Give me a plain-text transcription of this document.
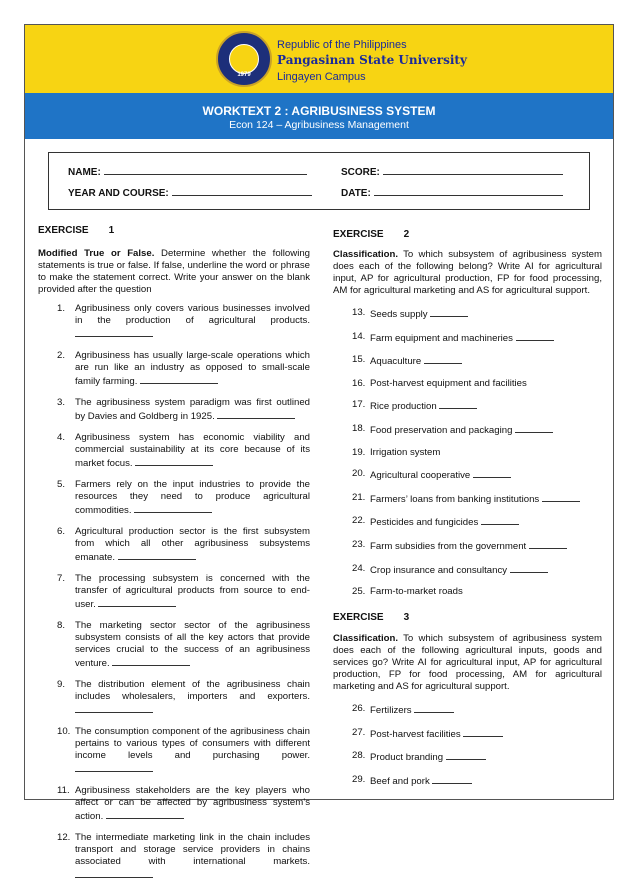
1979
Republic of the Philippines
Pangasinan State University
Lingayen Campus
WORKTEXT 2 : AGRIBUSINESS SYSTEM
Econ 124 – Agribusiness Management
NAME:	SCORE:
YEAR AND COURSE:	DATE:
EXERCISE 1
Modified True or False. Determine whether the following statements is true or false. If false, underline the word or phrase to make the statement correct. Write your answer on the blank provided after the question
1.	Agribusiness only covers various businesses involved in the production of agricultural products.
2.	Agribusiness has usually large-scale operations which are run like an industry as opposed to small-scale family farming.
3.	The agribusiness system paradigm was first outlined by Davies and Goldberg in 1925.
4.	Agribusiness system has economic viability and commercial sustainability at its core because of its market focus.
5.	Farmers rely on the input industries to provide the resources they need to produce agricultural commodities.
6.	Agricultural production sector is the first subsystem from which all other agribusiness subsystems emanate.
7.	The processing subsystem is concerned with the transfer of agricultural products from source to end-user.
8.	The marketing sector sector of the agribusiness subsystem consists of all the key actors that provide services crucial to the success of an agribusiness venture.
9.	The distribution element of the agribusiness chain includes wholesalers, importers and exporters.
10. The consumption component of the agribusiness chain pertains to various types of consumers with different income levels and purchasing power.
11. Agribusiness stakeholders are the key players who affect or can be affected by agribusiness system’s action.
12. The intermediate marketing link in the chain includes transport and storage service providers in chains associated with international markets.
EXERCISE 2
Classification. To which subsystem of agribusiness system does each of the following belong? Write AI for agricultural input, AP for agricultural production, FP for food processing, AM for agricultural marketing and AS for agricultural support.
13. Seeds supply
14. Farm equipment and machineries
15. Aquaculture
16. Post-harvest equipment and facilities
17. Rice production
18. Food preservation and packaging
19. Irrigation system
20. Agricultural cooperative
21. Farmers’ loans from banking institutions
22. Pesticides and fungicides
23. Farm subsidies from the government
24. Crop insurance and consultancy
25. Farm-to-market roads
EXERCISE 3
Classification. To which subsystem of agribusiness system does each of the following agricultural inputs, goods and services go? Write AI for agricultural input, AP for agricultural production, FP for food processing, AM for agricultural marketing and AS for agricultural support.
26. Fertilizers
27. Post-harvest facilities
28. Product branding
29. Beef and pork
